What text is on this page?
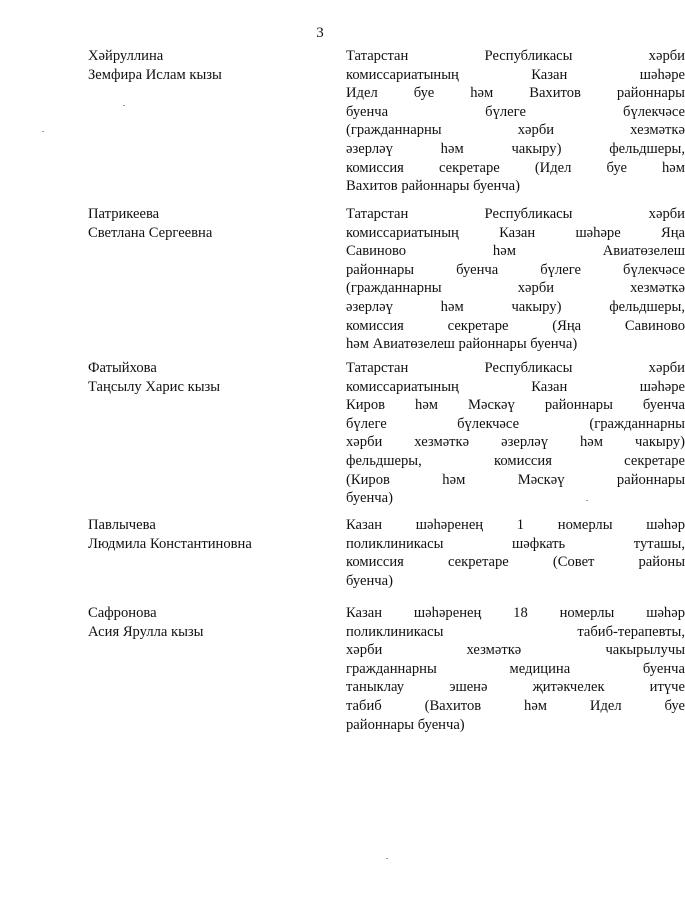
3
Хәйруллина
Земфира Ислам кызы
Татарстан Республикасы хәрби
комиссариатының Казан шәһәре
Идел буе һәм Вахитов районнары
буенча бүлеге бүлекчәсе
(гражданнарны хәрби хезмәткә
әзерләү һәм чакыру) фельдшеры,
комиссия секретаре (Идел буе һәм
Вахитов районнары буенча)
Патрикеева
Светлана Сергеевна
Татарстан Республикасы хәрби
комиссариатының Казан шәһәре Яңа
Савиново һәм Авиатөзелеш
районнары буенча бүлеге бүлекчәсе
(гражданнарны хәрби хезмәткә
әзерләү һәм чакыру) фельдшеры,
комиссия секретаре (Яңа Савиново
һәм Авиатөзелеш районнары буенча)
Фатыйхова
Таңсылу Харис кызы
Татарстан Республикасы хәрби
комиссариатының Казан шәһәре
Киров һәм Мәскәү районнары буенча
бүлеге бүлекчәсе (гражданнарны
хәрби хезмәткә әзерләү һәм чакыру)
фельдшеры, комиссия секретаре
(Киров һәм Мәскәү районнары
буенча)
Павлычева
Людмила Константиновна
Казан шәһәренең 1 номерлы шәһәр
поликлиникасы шәфкать туташы,
комиссия секретаре (Совет районы
буенча)
Сафронова
Асия Ярулла кызы
Казан шәһәренең 18 номерлы шәһәр
поликлиникасы табиб-терапевты,
хәрби хезмәткә чакырылучы
гражданнарны медицина буенча
таныклау эшенә җитәкчелек итүче
табиб (Вахитов һәм Идел буе
районнары буенча)
